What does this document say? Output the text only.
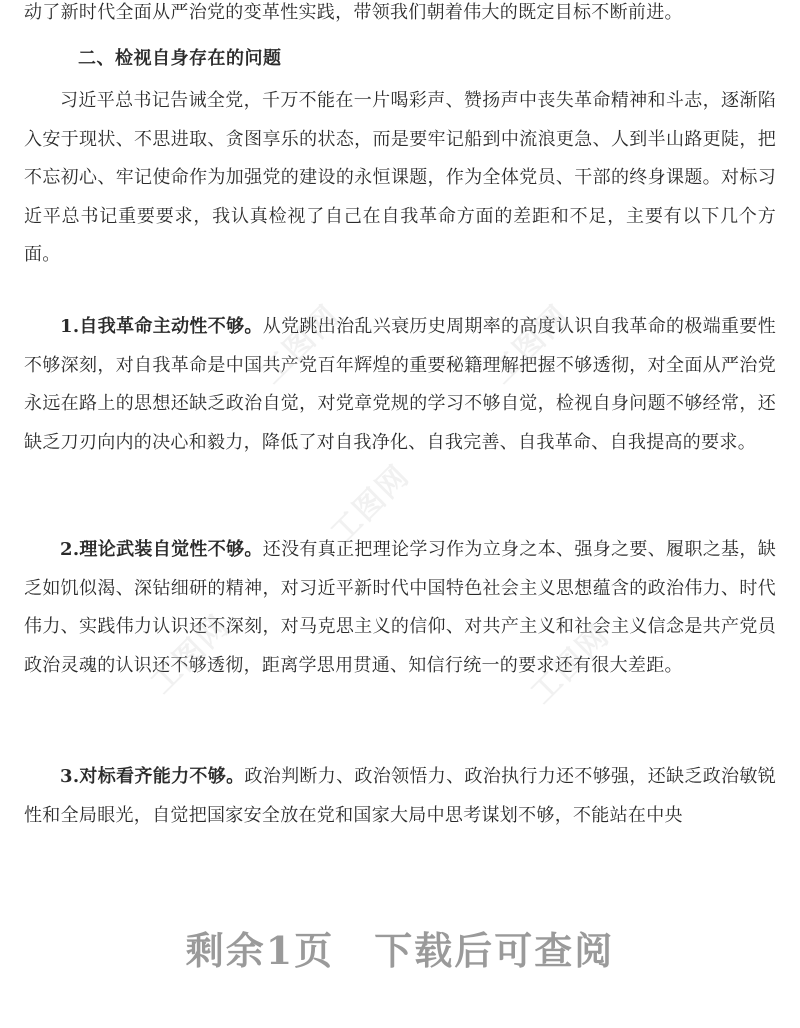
动了新时代全面从严治党的变革性实践，带领我们朝着伟大的既定目标不断前进。
二、检视自身存在的问题

习近平总书记告诫全党，千万不能在一片喝彩声、赞扬声中丧失革命精神和斗志，逐渐陷入安于现状、不思进取、贪图享乐的状态，而是要牢记船到中流浪更急、人到半山路更陡，把不忘初心、牢记使命作为加强党的建设的永恒课题，作为全体党员、干部的终身课题。对标习近平总书记重要要求，我认真检视了自己在自我革命方面的差距和不足，主要有以下几个方面。

1.自我革命主动性不够。从党跳出治乱兴衰历史周期率的高度认识自我革命的极端重要性不够深刻，对自我革命是中国共产党百年辉煌的重要秘籍理解把握不够透彻，对全面从严治党永远在路上的思想还缺乏政治自觉，对党章党规的学习不够自觉，检视自身问题不够经常，还缺乏刀刃向内的决心和毅力，降低了对自我净化、自我完善、自我革命、自我提高的要求。

2.理论武装自觉性不够。还没有真正把理论学习作为立身之本、强身之要、履职之基，缺乏如饥似渴、深钻细研的精神，对习近平新时代中国特色社会主义思想蕴含的政治伟力、时代伟力、实践伟力认识还不深刻，对马克思主义的信仰、对共产主义和社会主义信念是共产党员政治灵魂的认识还不够透彻，距离学思用贯通、知信行统一的要求还有很大差距。

3.对标看齐能力不够。政治判断力、政治领悟力、政治执行力还不够强，还缺乏政治敏锐性和全局眼光，自觉把国家安全放在党和国家大局中思考谋划不够，不能站在中央

工图网	工图网
工图网
工图网	工图网
剩余1页 下载后可查阅
